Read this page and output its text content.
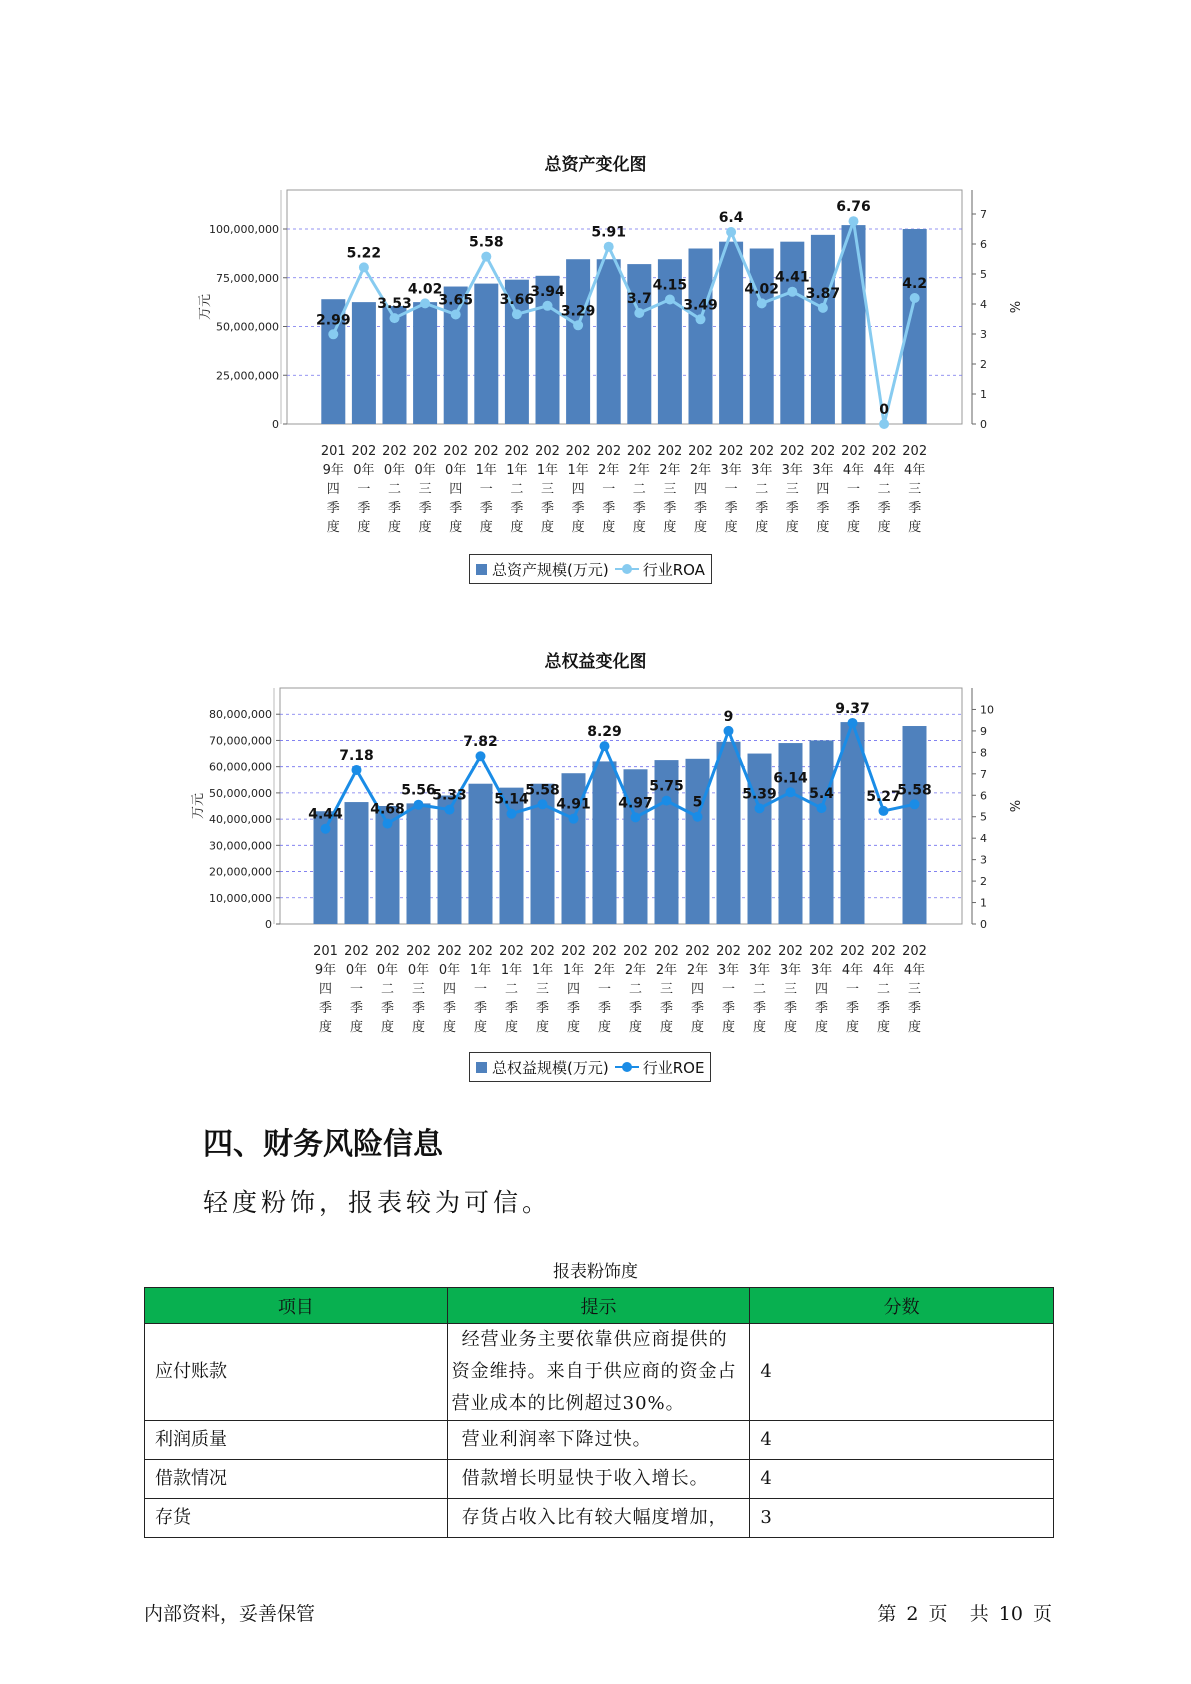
总资产变化图
0
25,000,000
50,000,000
75,000,000
100,000,000
0
1
2
3
4
5
6
7
万元	%
2.99
5.22
3.53
4.02
3.65
5.58
3.66
3.94
3.29
5.91
3.7
4.15
3.49
6.4
4.02
4.41
3.87
6.76
0
4.2
201
9年
四
季
度
202
0年
一
季
度
202
0年
二
季
度
202
0年
三
季
度
202
0年
四
季
度
202
1年
一
季
度
202
1年
二
季
度
202
1年
三
季
度
202
1年
四
季
度
202
2年
一
季
度
202
2年
二
季
度
202
2年
三
季
度
202
2年
四
季
度
202
3年
一
季
度
202
3年
二
季
度
202
3年
三
季
度
202
3年
四
季
度
202
4年
一
季
度
202
4年
二
季
度
202
4年
三
季
度
总资产规模(万元) 行业ROA
总权益变化图
0
10,000,000
20,000,000
30,000,000
40,000,000
50,000,000
60,000,000
70,000,000
80,000,000
0
1
2
3
4
5
6
7
8
9
10
万元	%
4.44
7.18
4.68
5.56
5.33
7.82
5.14
5.58
4.91
8.29
4.97
5.75
5
9
5.39
6.14
5.4
9.37
5.27
5.58
201
9年
四
季
度
202
0年
一
季
度
202
0年
二
季
度
202
0年
三
季
度
202
0年
四
季
度
202
1年
一
季
度
202
1年
二
季
度
202
1年
三
季
度
202
1年
四
季
度
202
2年
一
季
度
202
2年
二
季
度
202
2年
三
季
度
202
2年
四
季
度
202
3年
一
季
度
202
3年
二
季
度
202
3年
三
季
度
202
3年
四
季
度
202
4年
一
季
度
202
4年
二
季
度
202
4年
三
季
度
总权益规模(万元) 行业ROE
四、财务风险信息
轻度粉饰，报表较为可信。
报表粉饰度
项目	提示	分数
应付账款	经营业务主要依靠供应商提供的资金维持。来自于供应商的资金占营业成本的比例超过30%。	4
利润质量	营业利润率下降过快。	4
借款情况	借款增长明显快于收入增长。	4
存货	存货占收入比有较大幅度增加，	3
内部资料，妥善保管	第 2 页 共 10 页
